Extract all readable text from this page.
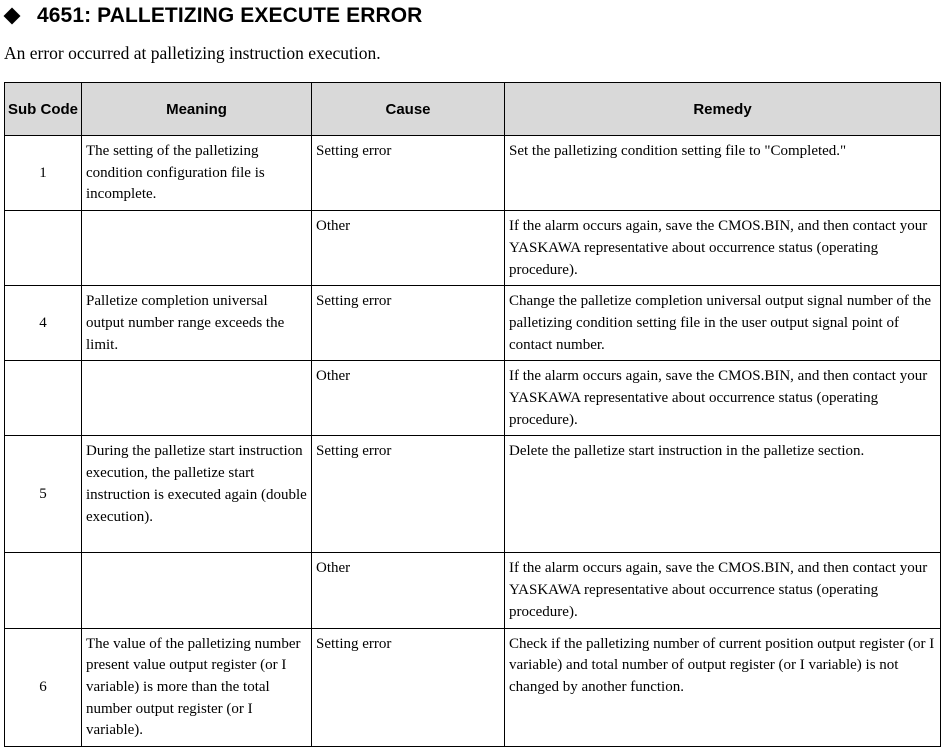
4651: PALLETIZING EXECUTE ERROR
An error occurred at palletizing instruction execution.
Sub Code	Meaning	Cause	Remedy
1	The setting of the palletizing condition configuration file is incomplete.	Setting error	Set the palletizing condition setting file to "Completed."
		Other	If the alarm occurs again, save the CMOS.BIN, and then contact your YASKAWA representative about occurrence status (operating procedure).
4	Palletize completion universal output number range exceeds the limit.	Setting error	Change the palletize completion universal output signal number of the palletizing condition setting file in the user output signal point of contact number.
		Other	If the alarm occurs again, save the CMOS.BIN, and then contact your YASKAWA representative about occurrence status (operating procedure).
5	During the palletize start instruction execution, the palletize start instruction is executed again (double execution).	Setting error	Delete the palletize start instruction in the palletize section.
		Other	If the alarm occurs again, save the CMOS.BIN, and then contact your YASKAWA representative about occurrence status (operating procedure).
6	The value of the palletizing number present value output register (or I variable) is more than the total number output register (or I variable).	Setting error	Check if the palletizing number of current position output register (or I variable) and total number of output register (or I variable) is not changed by another function.
